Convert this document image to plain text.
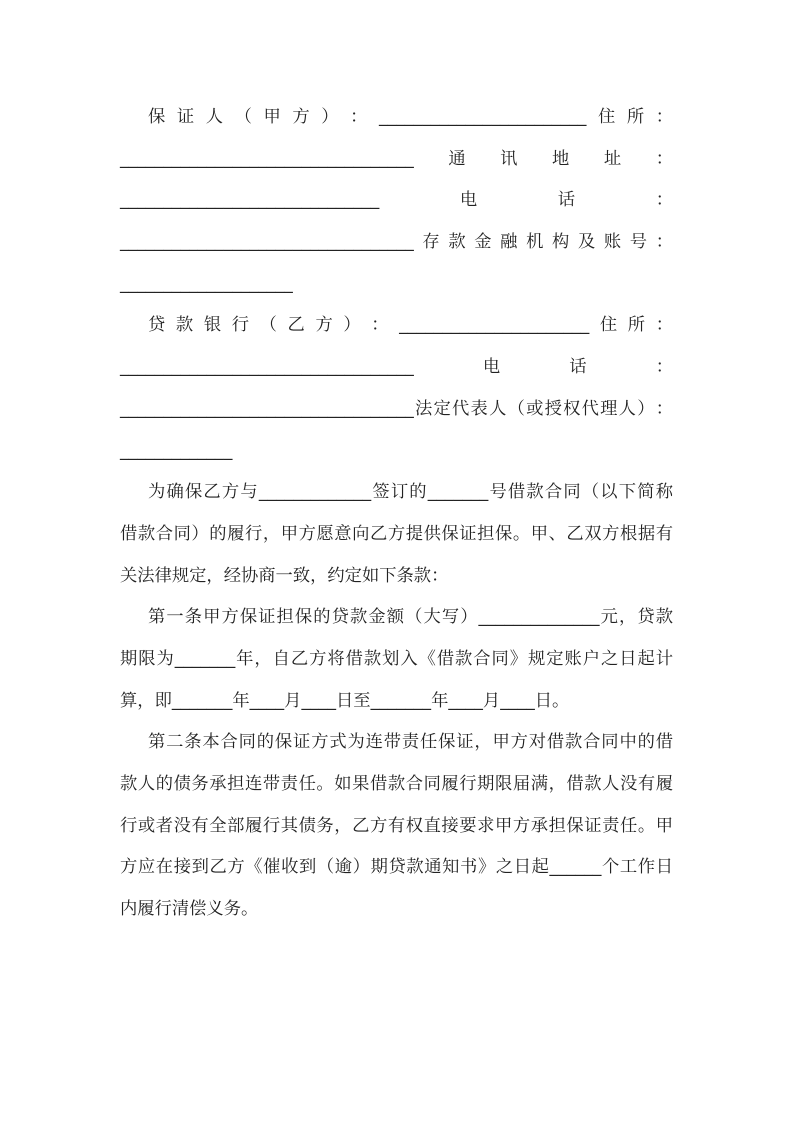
保证人（甲方）：________________________住所：
__________________________________通讯地址：
______________________________电话：
__________________________________存款金融机构及账号：
____________________
贷款银行（乙方）：______________________住所：
__________________________________电话：
__________________________________法定代表人（或授权代理人）：
_____________
为确保乙方与_____________签订的_______号借款合同（以下简称
借款合同）的履行，甲方愿意向乙方提供保证担保。甲、乙双方根据有
关法律规定，经协商一致，约定如下条款：
第一条甲方保证担保的贷款金额（大写）______________元，贷款
期限为_______年，自乙方将借款划入《借款合同》规定账户之日起计
算，即_______年____月____日至_______年____月____日。
第二条本合同的保证方式为连带责任保证，甲方对借款合同中的借
款人的债务承担连带责任。如果借款合同履行期限届满，借款人没有履
行或者没有全部履行其债务，乙方有权直接要求甲方承担保证责任。甲
方应在接到乙方《催收到（逾）期贷款通知书》之日起______个工作日
内履行清偿义务。
